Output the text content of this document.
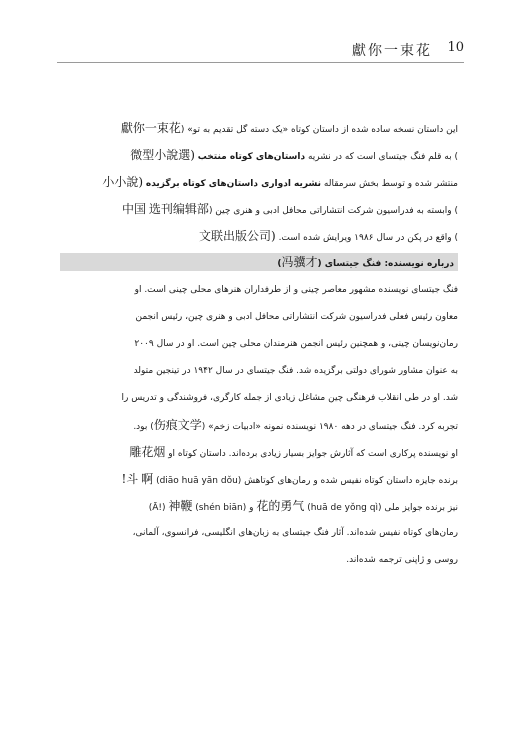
獻你一束花 10
این داستان نسخه ساده شده از داستان کوتاه «یک دسته گل تقدیم به تو» (獻你一束花
) به قلم فنگ جیتسای است که در نشریه داستان‌های کوتاه منتخب (微型小說選
منتشر شده و توسط بخش سرمقاله نشریه ادواری داستان‌های کوتاه برگزیده (小小說
) وابسته به فدراسیون شرکت انتشاراتی محافل ادبی و هنری چین (中国 选刊编辑部
) واقع در پکن در سال ۱۹۸۶ ویرایش شده است. (文联出版公司
درباره نویسنده: فنگ جیتسای (冯骥才)
فنگ جیتسای نویسنده مشهور معاصر چینی و از طرفداران هنرهای محلی چینی است. او
معاون رئیس فعلی فدراسیون شرکت انتشاراتی محافل ادبی و هنری چین، رئیس انجمن
رمان‌نویسان چینی، و همچنین رئیس انجمن هنرمندان محلی چین است. او در سال ۲۰۰۹
به عنوان مشاور شورای دولتی برگزیده شد. فنگ جیتسای در سال ۱۹۴۲ در تینجین متولد
شد. او در طی انقلاب فرهنگی چین مشاغل زیادی از جمله کارگری، فروشندگی و تدریس را
تجربه کرد. فنگ جیتسای در دهه ۱۹۸۰ نویسنده نمونه «ادبیات زخم» (伤痕文学) بود.
او نویسنده پرکاری است که آثارش جوایز بسیار زیادی برده‌اند. داستان کوتاه او 雕花烟
برنده جایزه داستان کوتاه نفیس شده و رمان‌های کوتاهش (diāo huā yān dǒu) 斗 啊!
نیز برنده جوایز ملی (huā de yǒng qì) 花的勇气 و (shén biān) 神鞭 (Ā!)
رمان‌های کوتاه نفیس شده‌اند. آثار فنگ جیتسای به زبان‌های انگلیسی، فرانسوی، آلمانی،
روسی و ژاپنی ترجمه شده‌اند.
